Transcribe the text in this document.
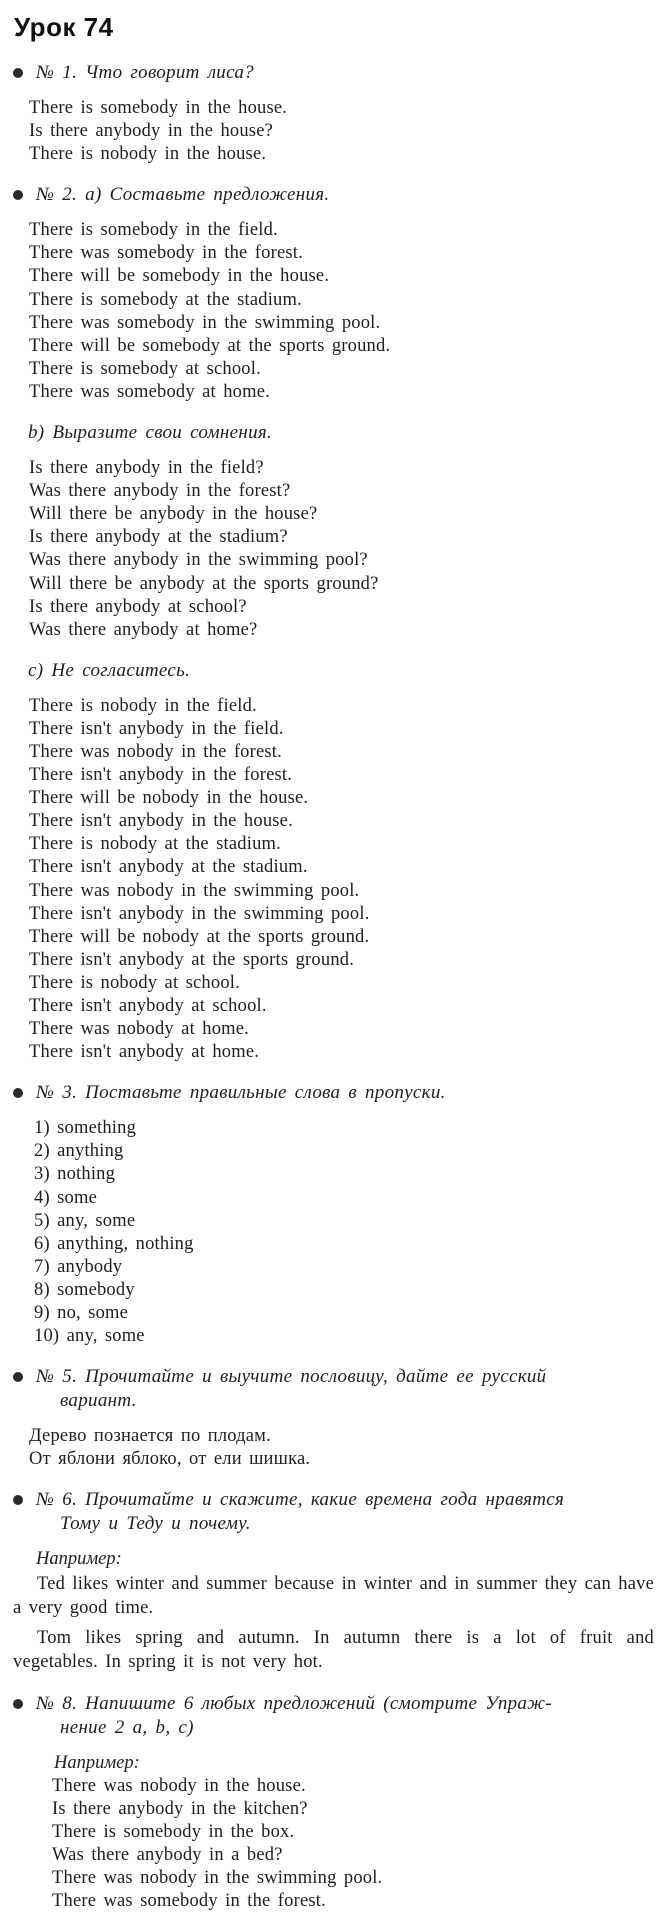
Урок 74
№ 1. Что говорит лиса?
There is somebody in the house.
Is there anybody in the house?
There is nobody in the house.
№ 2. а) Составьте предложения.
There is somebody in the field.
There was somebody in the forest.
There will be somebody in the house.
There is somebody at the stadium.
There was somebody in the swimming pool.
There will be somebody at the sports ground.
There is somebody at school.
There was somebody at home.
b) Выразите свои сомнения.
Is there anybody in the field?
Was there anybody in the forest?
Will there be anybody in the house?
Is there anybody at the stadium?
Was there anybody in the swimming pool?
Will there be anybody at the sports ground?
Is there anybody at school?
Was there anybody at home?
c) Не согласитесь.
There is nobody in the field.
There isn't anybody in the field.
There was nobody in the forest.
There isn't anybody in the forest.
There will be nobody in the house.
There isn't anybody in the house.
There is nobody at the stadium.
There isn't anybody at the stadium.
There was nobody in the swimming pool.
There isn't anybody in the swimming pool.
There will be nobody at the sports ground.
There isn't anybody at the sports ground.
There is nobody at school.
There isn't anybody at school.
There was nobody at home.
There isn't anybody at home.
№ 3. Поставьте правильные слова в пропуски.
1) something
2) anything
3) nothing
4) some
5) any, some
6) anything, nothing
7) anybody
8) somebody
9) no, some
10) any, some
№ 5. Прочитайте и выучите пословицу, дайте ее русский
вариант.
Дерево познается по плодам.
От яблони яблоко, от ели шишка.
№ 6. Прочитайте и скажите, какие времена года нравятся
Тому и Теду и почему.
Например:
Ted likes winter and summer because in winter and in summer they can have a very good time.
Tom likes spring and autumn. In autumn there is a lot of fruit and vegetables. In spring it is not very hot.
№ 8. Напишите 6 любых предложений (смотрите Упраж-
нение 2 a, b, c)
Например:
There was nobody in the house.
Is there anybody in the kitchen?
There is somebody in the box.
Was there anybody in a bed?
There was nobody in the swimming pool.
There was somebody in the forest.
